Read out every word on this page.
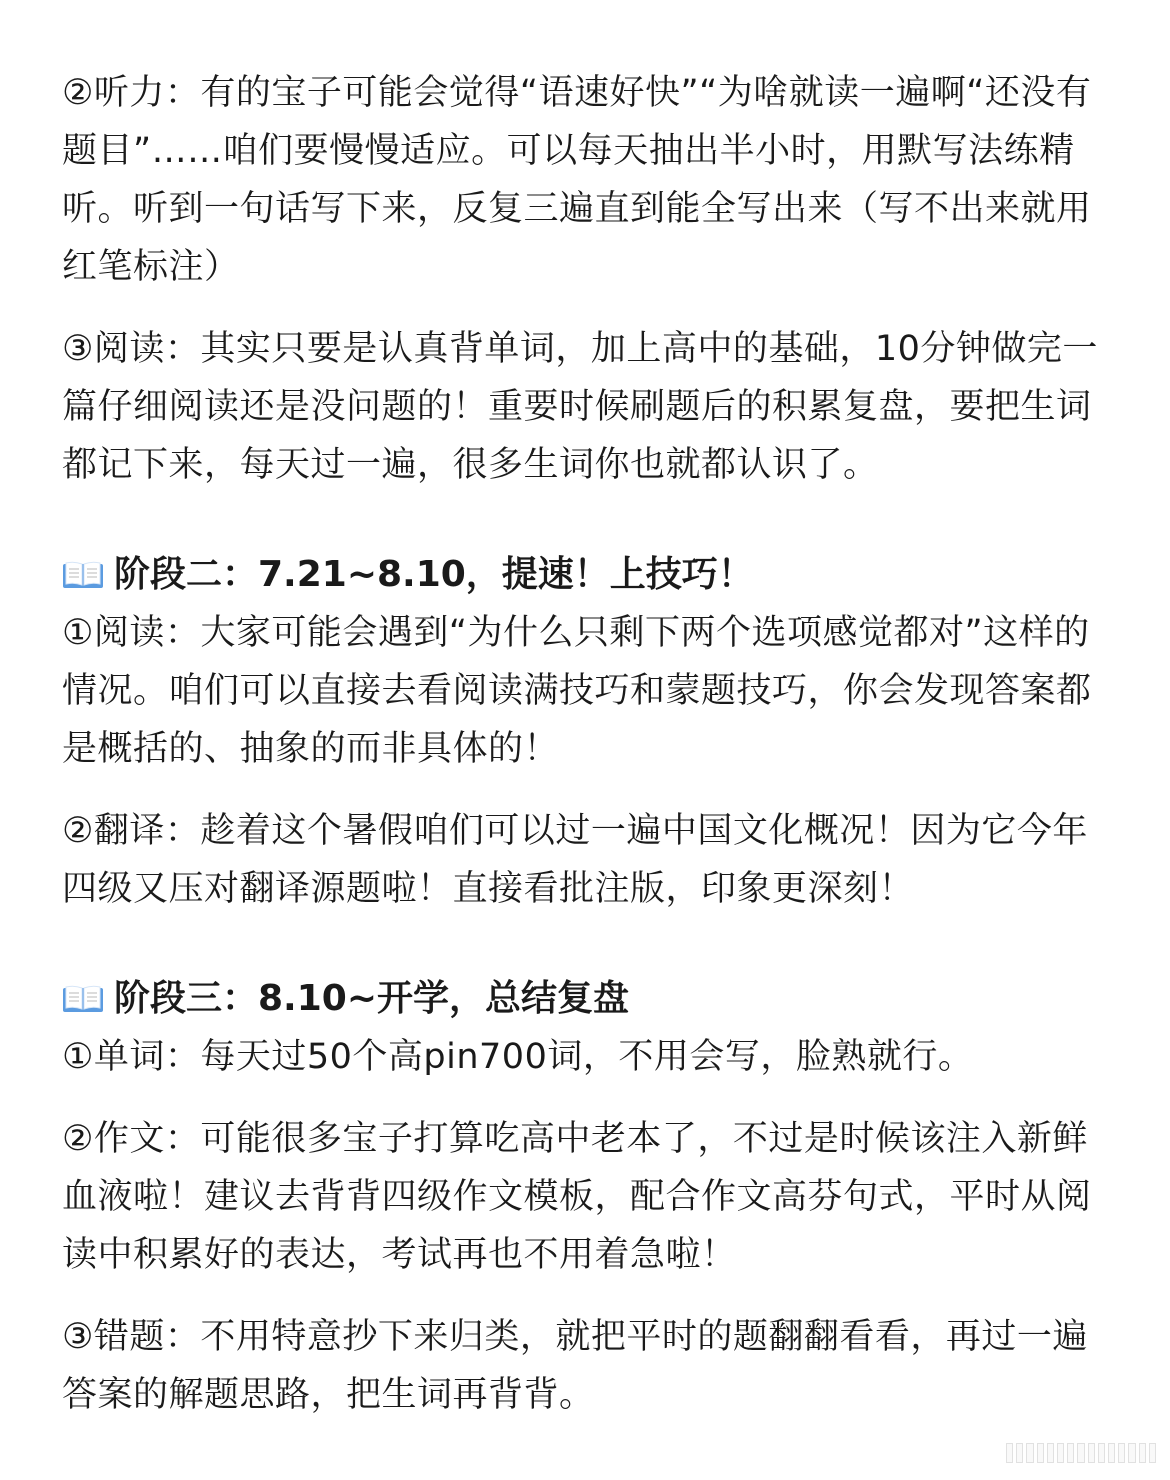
②听力：有的宝子可能会觉得“语速好快”“为啥就读一遍啊“还没有题目”……咱们要慢慢适应。可以每天抽出半小时，用默写法练精听。听到一句话写下来，反复三遍直到能全写出来（写不出来就用红笔标注）

③阅读：其实只要是认真背单词，加上高中的基础，10分钟做完一篇仔细阅读还是没问题的！重要时候刷题后的积累复盘，要把生词都记下来，每天过一遍，很多生词你也就都认识了。

阶段二：7.21~8.10，提速！上技巧！

①阅读：大家可能会遇到“为什么只剩下两个选项感觉都对”这样的情况。咱们可以直接去看阅读满技巧和蒙题技巧，你会发现答案都是概括的、抽象的而非具体的！

②翻译：趁着这个暑假咱们可以过一遍中国文化概况！因为它今年四级又压对翻译源题啦！直接看批注版，印象更深刻！

阶段三：8.10~开学，总结复盘

①单词：每天过50个高pin700词，不用会写，脸熟就行。

②作文：可能很多宝子打算吃高中老本了，不过是时候该注入新鲜血液啦！建议去背背四级作文模板，配合作文高芬句式，平时从阅读中积累好的表达，考试再也不用着急啦！

③错题：不用特意抄下来归类，就把平时的题翻翻看看，再过一遍答案的解题思路，把生词再背背。
